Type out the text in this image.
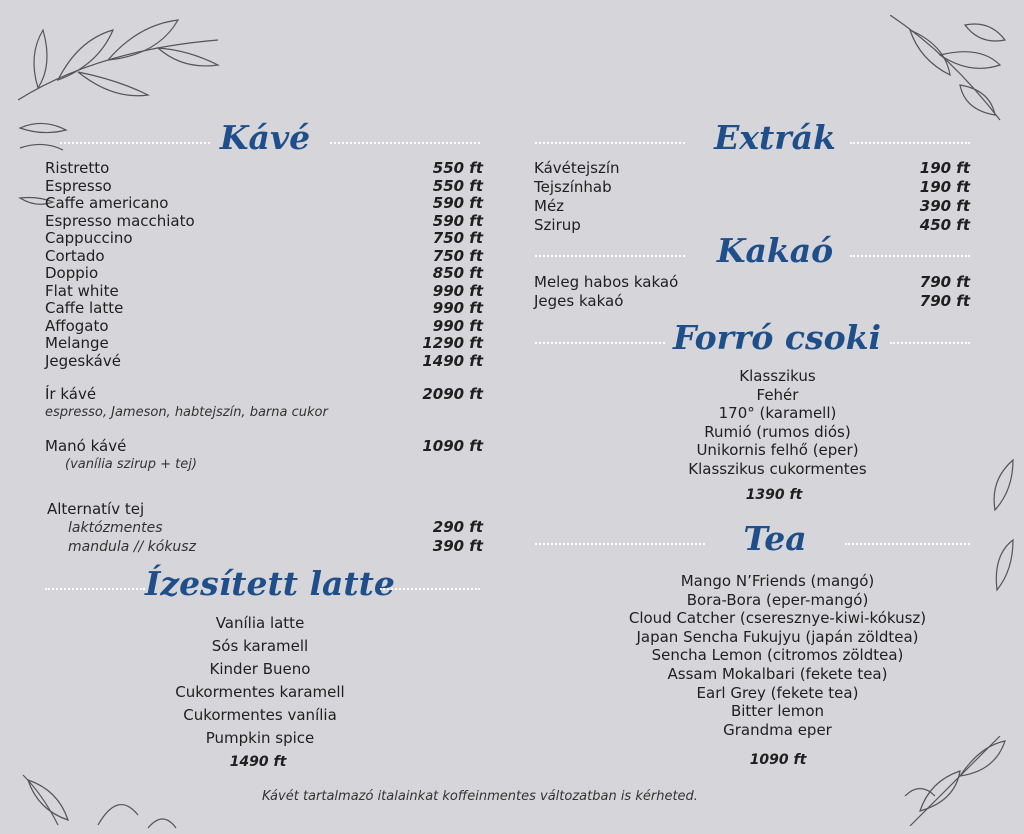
Kávé
Ristretto	550 ft
Espresso	550 ft
Caffe americano	590 ft
Espresso macchiato	590 ft
Cappuccino	750 ft
Cortado	750 ft
Doppio	850 ft
Flat white	990 ft
Caffe latte	990 ft
Affogato	990 ft
Melange	1290 ft
Jegeskávé	1490 ft
Ír kávé	2090 ft
espresso, Jameson, habtejszín, barna cukor
Manó kávé	1090 ft
(vanília szirup + tej)
Alternatív tej
laktózmentes	290 ft
mandula // kókusz	390 ft
Ízesített latte
Vanília latte
Sós karamell
Kinder Bueno
Cukormentes karamell
Cukormentes vanília
Pumpkin spice
1490 ft
Extrák
Kávétejszín	190 ft
Tejszínhab	190 ft
Méz	390 ft
Szirup	450 ft
Kakaó
Meleg habos kakaó	790 ft
Jeges kakaó	790 ft
Forró csoki
Klasszikus
Fehér
170° (karamell)
Rumió (rumos diós)
Unikornis felhő (eper)
Klasszikus cukormentes
1390 ft
Tea
Mango N’Friends (mangó)
Bora-Bora (eper-mangó)
Cloud Catcher (cseresznye-kiwi-kókusz)
Japan Sencha Fukujyu (japán zöldtea)
Sencha Lemon (citromos zöldtea)
Assam Mokalbari (fekete tea)
Earl Grey (fekete tea)
Bitter lemon
Grandma eper
1090 ft
Kávét tartalmazó italainkat koffeinmentes változatban is kérheted.
